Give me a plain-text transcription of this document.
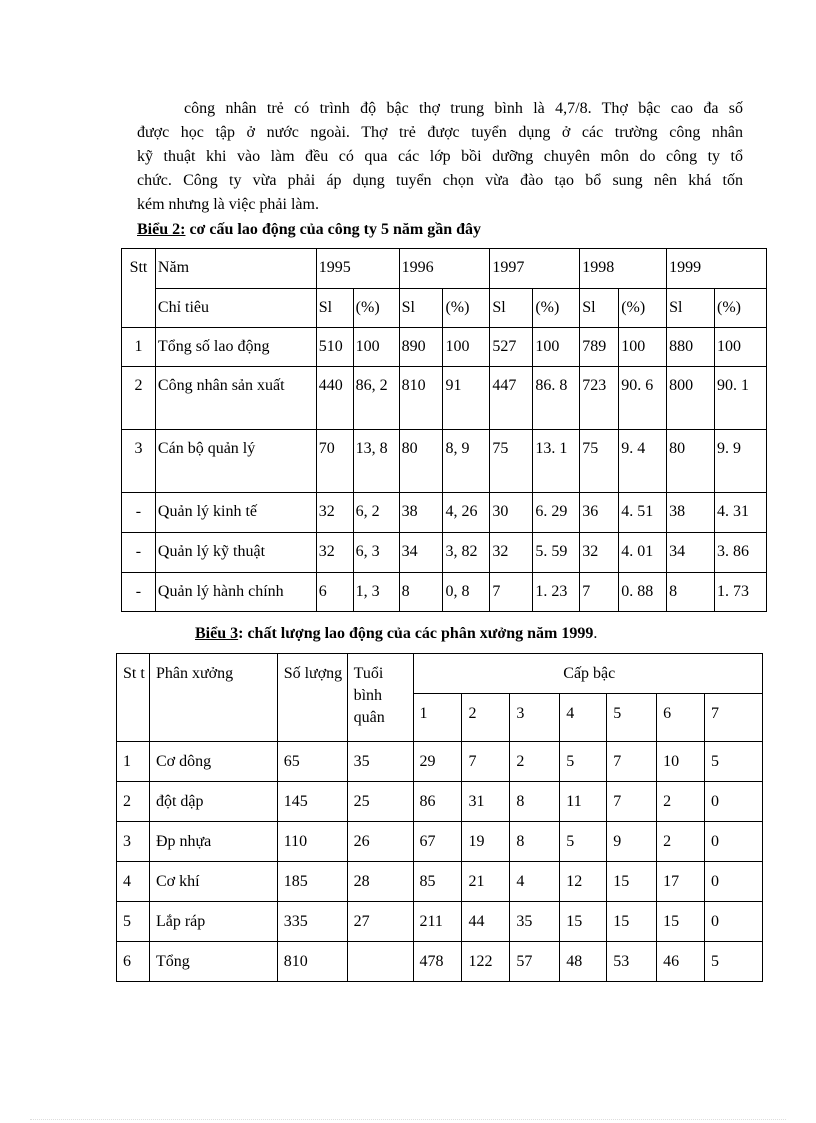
công nhân trẻ có trình độ bậc thợ trung bình là 4,7/8. Thợ bậc cao đa số
được học tập ở nước ngoài. Thợ trẻ được tuyển dụng ở các trường công nhân
kỹ thuật khi vào làm đều có qua các lớp bồi dưỡng chuyên môn do công ty tổ
chức. Công ty vừa phải áp dụng tuyển chọn vừa đào tạo bổ sung nên khá tốn
kém nhưng là việc phải làm.
Biểu 2: cơ cấu lao động của công ty 5 năm gần đây
Stt	Năm	1995		1996		1997		1998		1999	
	Chỉ tiêu	Sl	(%)	Sl	(%)	Sl	(%)	Sl	(%)	Sl	(%)
1	Tổng số lao động	510	100	890	100	527	100	789	100	880	100
2	Công nhân sản xuất	440	86, 2	810	91	447	86. 8	723	90. 6	800	90. 1
3	Cán bộ quản lý	70	13, 8	80	8, 9	75	13. 1	75	9. 4	80	9. 9
-	Quản lý kinh tế	32	6, 2	38	4, 26	30	6. 29	36	4. 51	38	4. 31
-	Quản lý kỹ thuật	32	6, 3	34	3, 82	32	5. 59	32	4. 01	34	3. 86
-	Quản lý hành chính	6	1, 3	8	0, 8	7	1. 23	7	0. 88	8	1. 73
Biểu 3: chất lượng lao động của các phân xưởng năm 1999.
St t	Phân xưởng	Số lượng	Tuổi bình quân	Cấp bậc						
				1	2	3	4	5	6	7
1	Cơ dông	65	35	29	7	2	5	7	10	5
2	đột dập	145	25	86	31	8	11	7	2	0
3	Đp nhựa	110	26	67	19	8	5	9	2	0
4	Cơ khí	185	28	85	21	4	12	15	17	0
5	Lắp ráp	335	27	211	44	35	15	15	15	0
6	Tổng	810		478	122	57	48	53	46	5
